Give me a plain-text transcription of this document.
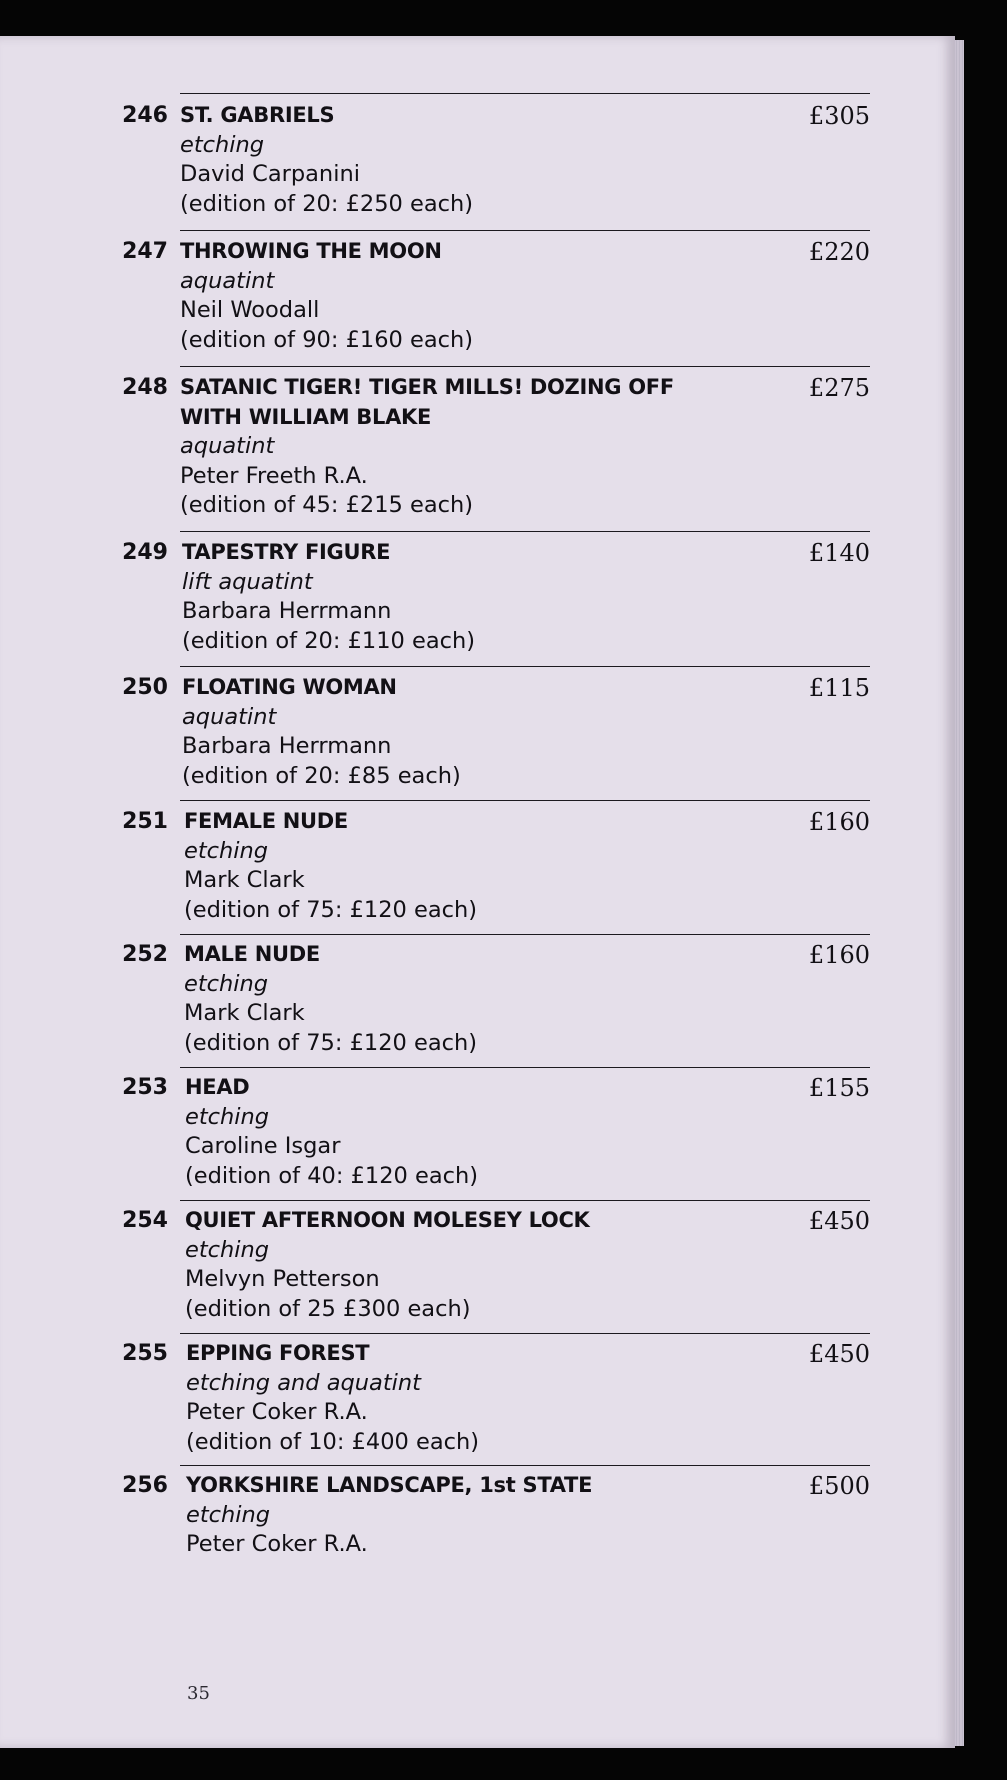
246 ST. GABRIELS
etching
David Carpanini
(edition of 20: £250 each)
£305
247 THROWING THE MOON
aquatint
Neil Woodall
(edition of 90: £160 each)
£220
248 SATANIC TIGER! TIGER MILLS! DOZING OFF
WITH WILLIAM BLAKE
aquatint
Peter Freeth R.A.
(edition of 45: £215 each)
£275
249 TAPESTRY FIGURE
lift aquatint
Barbara Herrmann
(edition of 20: £110 each)
£140
250 FLOATING WOMAN
aquatint
Barbara Herrmann
(edition of 20: £85 each)
£115
251 FEMALE NUDE
etching
Mark Clark
(edition of 75: £120 each)
£160
252 MALE NUDE
etching
Mark Clark
(edition of 75: £120 each)
£160
253 HEAD
etching
Caroline Isgar
(edition of 40: £120 each)
£155
254 QUIET AFTERNOON MOLESEY LOCK
etching
Melvyn Petterson
(edition of 25 £300 each)
£450
255 EPPING FOREST
etching and aquatint
Peter Coker R.A.
(edition of 10: £400 each)
£450
256 YORKSHIRE LANDSCAPE, 1st STATE
etching
Peter Coker R.A.
£500
35
